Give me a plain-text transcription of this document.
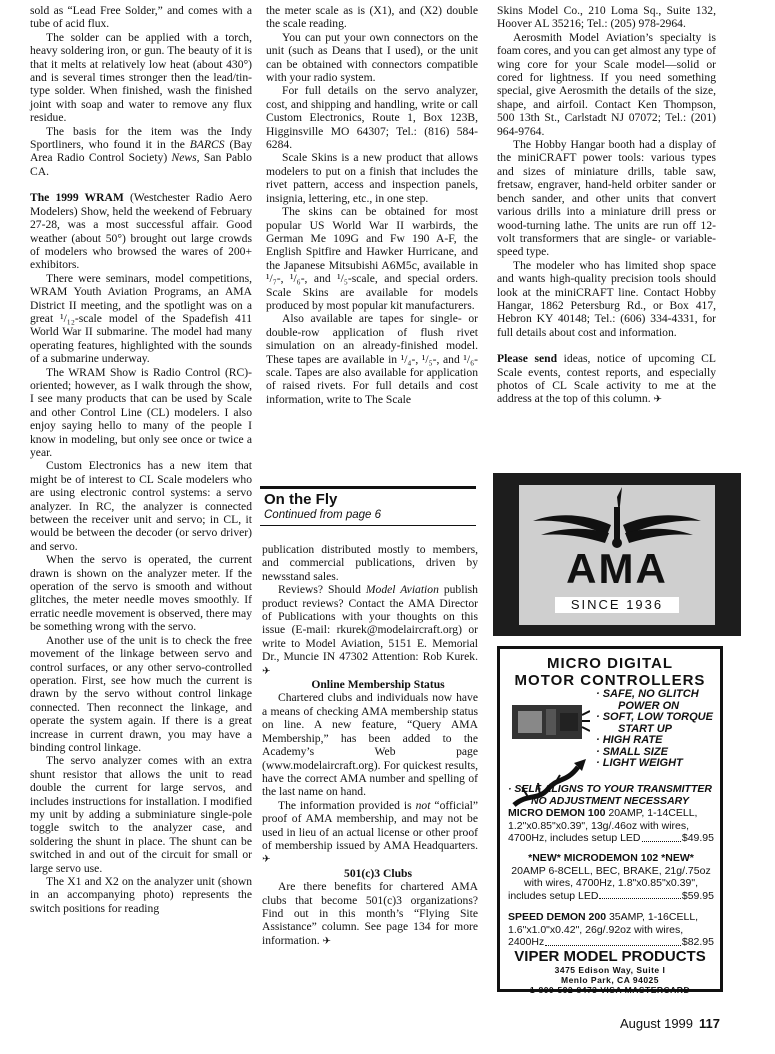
sold as “Lead Free Solder,” and comes with a tube of acid flux.

The solder can be applied with a torch, heavy soldering iron, or gun. The beauty of it is that it melts at relatively low heat (about 430°) and is several times stronger then the lead/tin-type solder. When finished, wash the finished joint with soap and water to remove any flux residue.

The basis for the item was the Indy Sportliners, who found it in the BARCS (Bay Area Radio Control Society) News, San Pablo CA.

The 1999 WRAM (Westchester Radio Aero Modelers) Show, held the weekend of February 27-28, was a most successful affair. Good weather (about 50°) brought out large crowds of modelers who browsed the wares of 200+ exhibitors.

There were seminars, model competitions, WRAM Youth Aviation Programs, an AMA District II meeting, and the spotlight was on a great ¹/₁₂-scale model of the Spadefish 411 World War II submarine. The model had many operating features, highlighted with the sounds of a submarine underway.

The WRAM Show is Radio Control (RC)-oriented; however, as I walk through the show, I see many products that can be used by Scale and other Control Line (CL) modelers. I also enjoy saying hello to many of the people I know in modeling, but only see once or twice a year.

Custom Electronics has a new item that might be of interest to CL Scale modelers who are using electronic control systems: a servo analyzer. In RC, the analyzer is connected between the receiver unit and servo; in CL, it would be between the decoder (or servo driver) and servo.

When the servo is operated, the current drawn is shown on the analyzer meter. If the operation of the servo is smooth and without glitches, the meter needle moves smoothly. If erratic needle movement is observed, there may be something wrong with the servo.

Another use of the unit is to check the free movement of the linkage between servo and control surfaces, or any other servo-controlled operation. First, see how much the current is drawn by the servo without control linkage connected. Then reconnect the linkage, and operate the system again. If there is a great increase in current drawn, you may have a binding control linkage.

The servo analyzer comes with an extra shunt resistor that allows the unit to read double the current for large servos, and includes instructions for installation. I modified my unit by adding a subminiature single-pole toggle switch to the analyzer case, and soldering the shunt in place. The shunt can be switched in and out of the circuit for small or large servo use.

The X1 and X2 on the analyzer unit (shown in an accompanying photo) represents the switch positions for reading

the meter scale as is (X1), and (X2) double the scale reading.

You can put your own connectors on the unit (such as Deans that I used), or the unit can be obtained with connectors compatible with your radio system.

For full details on the servo analyzer, cost, and shipping and handling, write or call Custom Electronics, Route 1, Box 123B, Higginsville MO 64307; Tel.: (816) 584-6284.

Scale Skins is a new product that allows modelers to put on a finish that includes the rivet pattern, access and inspection panels, insignia, lettering, etc., in one step.

The skins can be obtained for most popular US World War II warbirds, the German Me 109G and Fw 190 A-F, the English Spitfire and Hawker Hurricane, and the Japanese Mitsubishi A6M5c, available in ¹/₇-, ¹/₆-, and ¹/₅-scale, and special orders. Scale Skins are available for models produced by most popular kit manufacturers.

Also available are tapes for single- or double-row application of flush rivet simulation on an already-finished model. These tapes are available in ¹/₄-, ¹/₅-, and ¹/₆-scale. Tapes are also available for application of raised rivets. For full details and cost information, write to The Scale

On the Fly
Continued from page 6

publication distributed mostly to members, and commercial publications, driven by newsstand sales.

Reviews? Should Model Aviation publish product reviews? Contact the AMA Director of Publications with your thoughts on this issue (E-mail: rkurek@modelaircraft.org) or write to Model Aviation, 5151 E. Memorial Dr., Muncie IN 47302 Attention: Rob Kurek. ✈

Online Membership Status

Chartered clubs and individuals now have a means of checking AMA membership status on line. A new feature, “Query AMA Membership,” has been added to the Academy’s Web page (www.modelaircraft.org). For quickest results, have the correct AMA number and spelling of the last name on hand.

The information provided is not “official” proof of AMA membership, and may not be used in lieu of an actual license or other proof of membership issued by AMA Headquarters. ✈

501(c)3 Clubs

Are there benefits for chartered AMA clubs that become 501(c)3 organizations? Find out in this month’s “Flying Site Assistance” column. See page 134 for more information. ✈

Skins Model Co., 210 Loma Sq., Suite 132, Hoover AL 35216; Tel.: (205) 978-2964.

Aerosmith Model Aviation’s specialty is foam cores, and you can get almost any type of wing core for your Scale model—solid or cored for lightness. If you need something special, give Aerosmith the details of the size, shape, and airfoil. Contact Ken Thompson, 500 13th St., Carlstadt NJ 07072; Tel.: (201) 964-9764.

The Hobby Hangar booth had a display of the miniCRAFT power tools: various types and sizes of miniature drills, table saw, fretsaw, engraver, hand-held orbiter sander or bench sander, and other units that convert various drills into a miniature drill press or wood-turning lathe. The units are run off 12-volt transformers that are single- or variable-speed type.

The modeler who has limited shop space and wants high-quality precision tools should look at the miniCRAFT line. Contact Hobby Hangar, 1862 Petersburg Rd., or Box 417, Hebron KY 40148; Tel.: (606) 334-4331, for full details about cost and information.

Please send ideas, notice of upcoming CL Scale events, contest reports, and especially photos of CL Scale activity to me at the address at the top of this column. ✈

AMA
SINCE 1936
MICRO DIGITAL
MOTOR CONTROLLERS
· SAFE, NO GLITCH
POWER ON
· SOFT, LOW TORQUE
START UP
· HIGH RATE
· SMALL SIZE
· LIGHT WEIGHT
· SELF ALIGNS TO YOUR TRANSMITTER
NO ADJUSTMENT NECESSARY
MICRO DEMON 100 20AMP, 1-14CELL,
1.2"x0.85"x0.39", 13g/.46oz with wires,
4700Hz, includes setup LED	$49.95
*NEW* MICRODEMON 102 *NEW*
20AMP 6-8CELL, BEC, BRAKE, 21g/.75oz
with wires, 4700Hz, 1.8"x0.85"x0.39",
includes setup LED	$59.95
SPEED DEMON 200 35AMP, 1-16CELL,
1.6"x1.0"x0.42", 26g/.92oz with wires,
2400Hz	$82.95
VIPER MODEL PRODUCTS
3475 Edison Way, Suite I
Menlo Park, CA 94025
1-800-592-8473 VISA MASTERCARD
August 1999 117
